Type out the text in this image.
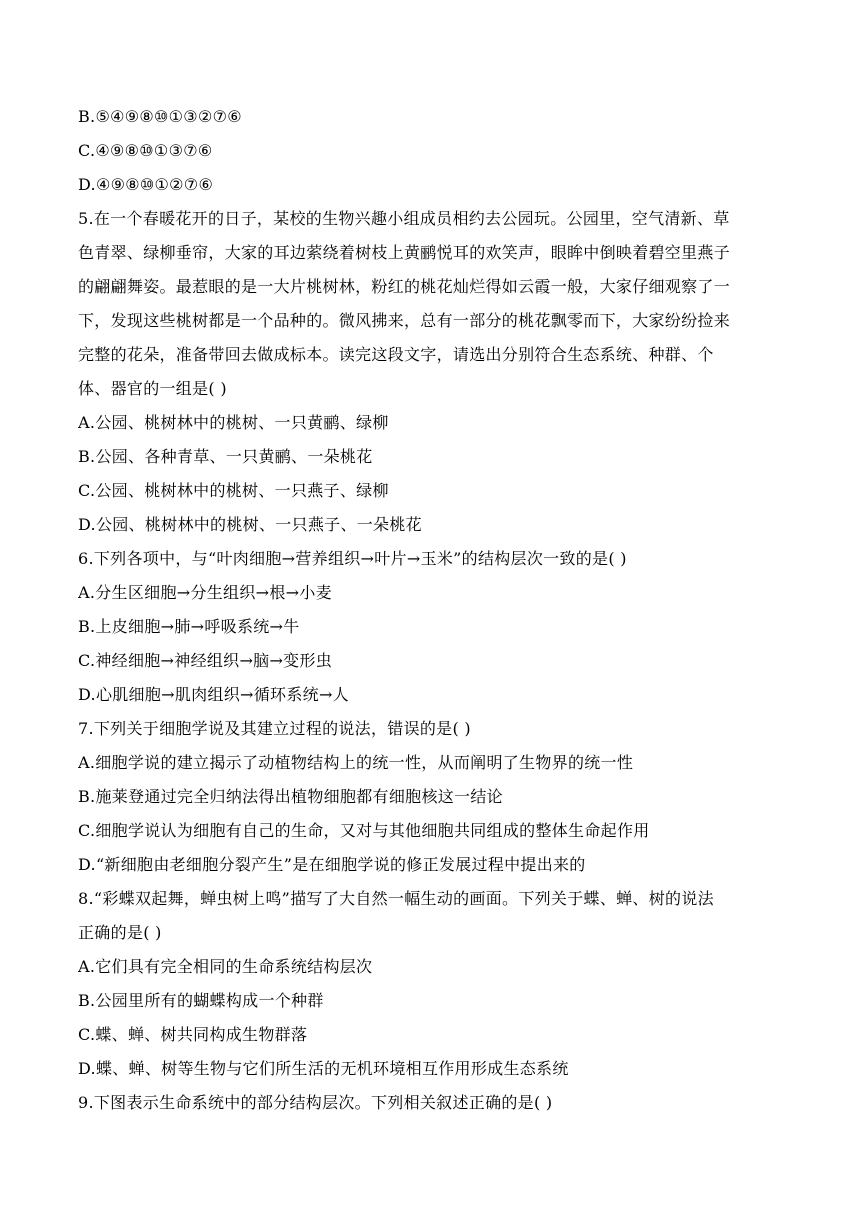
B.⑤④⑨⑧⑩①③②⑦⑥
C.④⑨⑧⑩①③⑦⑥
D.④⑨⑧⑩①②⑦⑥
5.在一个春暖花开的日子，某校的生物兴趣小组成员相约去公园玩。公园里，空气清新、草
色青翠、绿柳垂帘，大家的耳边萦绕着树枝上黄鹂悦耳的欢笑声，眼眸中倒映着碧空里燕子
的翩翩舞姿。最惹眼的是一大片桃树林，粉红的桃花灿烂得如云霞一般，大家仔细观察了一
下，发现这些桃树都是一个品种的。微风拂来，总有一部分的桃花飘零而下，大家纷纷捡来
完整的花朵，准备带回去做成标本。读完这段文字，请选出分别符合生态系统、种群、个
体、器官的一组是( )
A.公园、桃树林中的桃树、一只黄鹂、绿柳
B.公园、各种青草、一只黄鹂、一朵桃花
C.公园、桃树林中的桃树、一只燕子、绿柳
D.公园、桃树林中的桃树、一只燕子、一朵桃花
6.下列各项中，与“叶肉细胞→营养组织→叶片→玉米”的结构层次一致的是( )
A.分生区细胞→分生组织→根→小麦
B.上皮细胞→肺→呼吸系统→牛
C.神经细胞→神经组织→脑→变形虫
D.心肌细胞→肌肉组织→循环系统→人
7.下列关于细胞学说及其建立过程的说法，错误的是( )
A.细胞学说的建立揭示了动植物结构上的统一性，从而阐明了生物界的统一性
B.施莱登通过完全归纳法得出植物细胞都有细胞核这一结论
C.细胞学说认为细胞有自己的生命，又对与其他细胞共同组成的整体生命起作用
D.“新细胞由老细胞分裂产生”是在细胞学说的修正发展过程中提出来的
8.“彩蝶双起舞，蝉虫树上鸣”描写了大自然一幅生动的画面。下列关于蝶、蝉、树的说法
正确的是( )
A.它们具有完全相同的生命系统结构层次
B.公园里所有的蝴蝶构成一个种群
C.蝶、蝉、树共同构成生物群落
D.蝶、蝉、树等生物与它们所生活的无机环境相互作用形成生态系统
9.下图表示生命系统中的部分结构层次。下列相关叙述正确的是( )
